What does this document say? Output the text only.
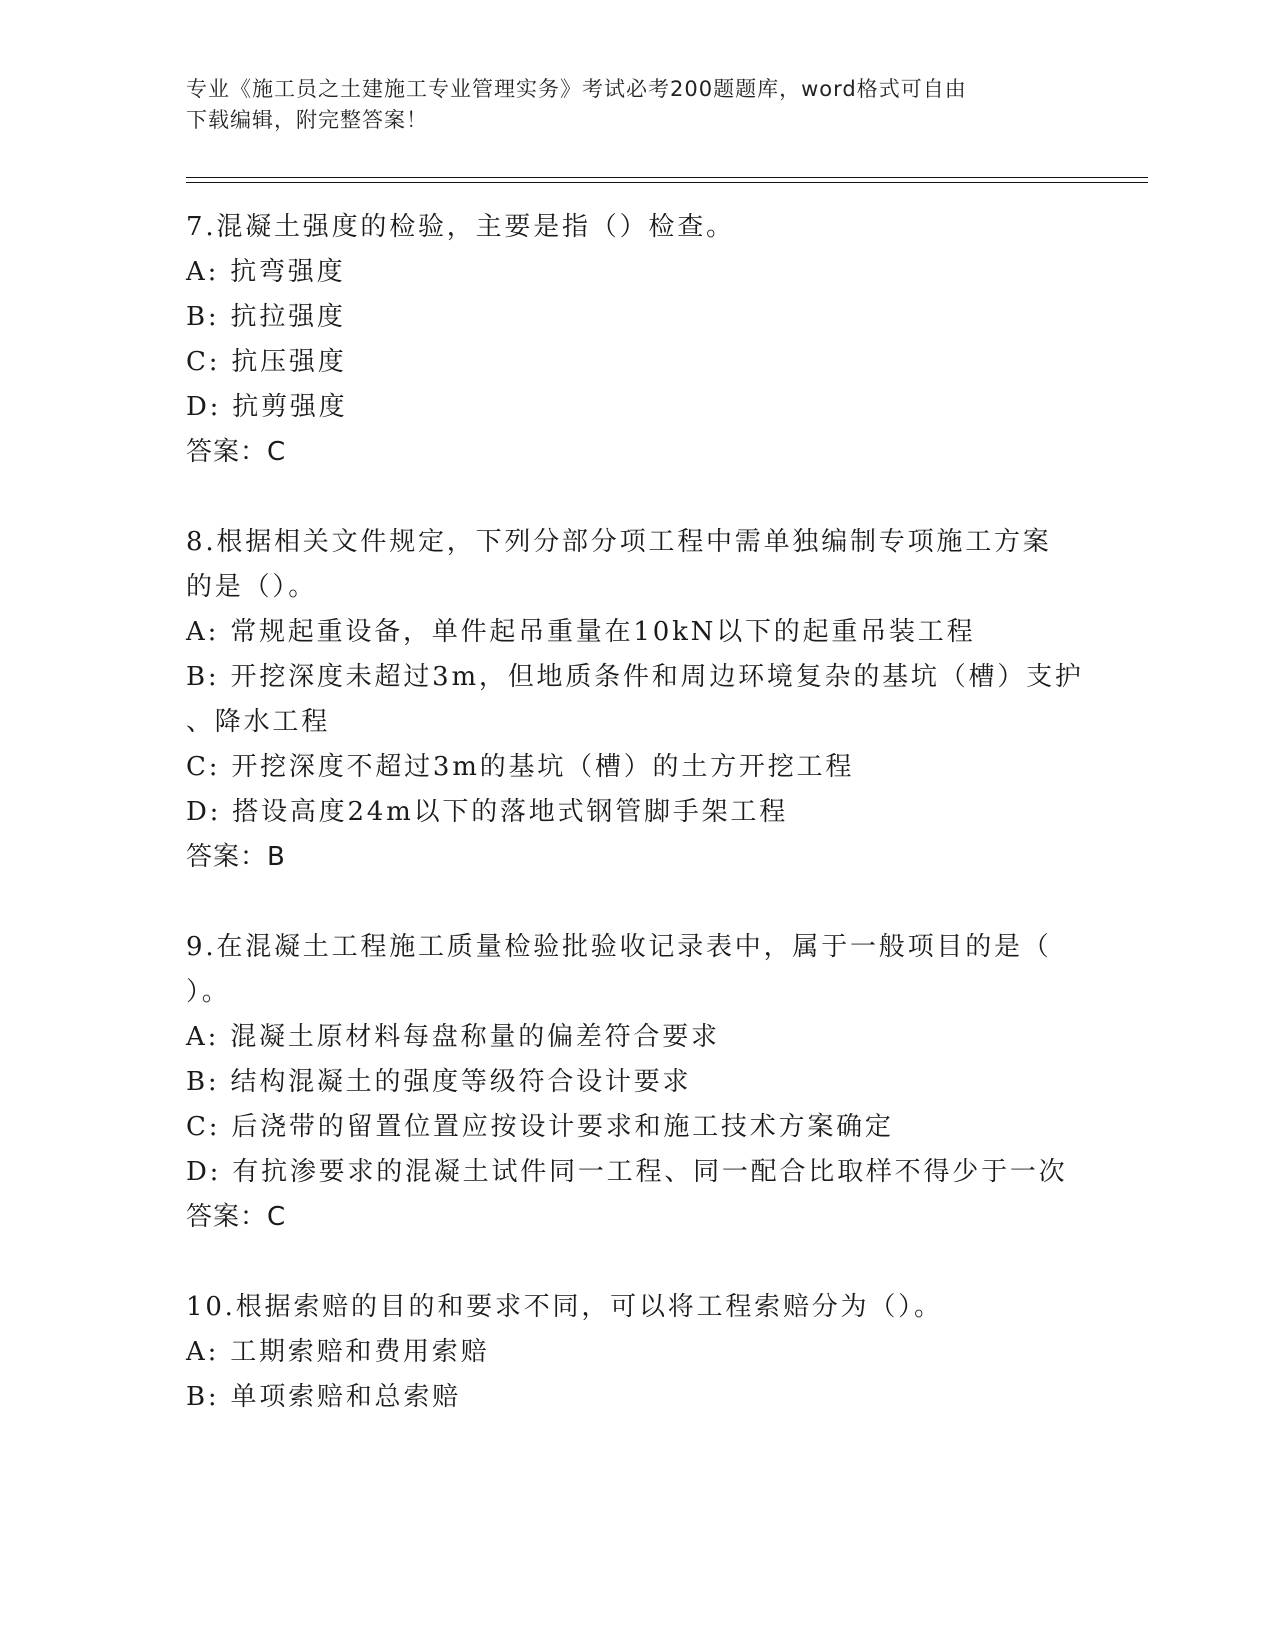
专业《施工员之土建施工专业管理实务》考试必考200题题库，word格式可自由
下载编辑，附完整答案！
7.混凝土强度的检验，主要是指（）检查。
A: 抗弯强度
B: 抗拉强度
C: 抗压强度
D: 抗剪强度
答案：C
8.根据相关文件规定，下列分部分项工程中需单独编制专项施工方案
的是（）。
A: 常规起重设备，单件起吊重量在10kN以下的起重吊装工程
B: 开挖深度未超过3m，但地质条件和周边环境复杂的基坑（槽）支护
、降水工程
C: 开挖深度不超过3m的基坑（槽）的土方开挖工程
D: 搭设高度24m以下的落地式钢管脚手架工程
答案：B
9.在混凝土工程施工质量检验批验收记录表中，属于一般项目的是（
）。
A: 混凝土原材料每盘称量的偏差符合要求
B: 结构混凝土的强度等级符合设计要求
C: 后浇带的留置位置应按设计要求和施工技术方案确定
D: 有抗渗要求的混凝土试件同一工程、同一配合比取样不得少于一次
答案：C
10.根据索赔的目的和要求不同，可以将工程索赔分为（）。
A: 工期索赔和费用索赔
B: 单项索赔和总索赔
